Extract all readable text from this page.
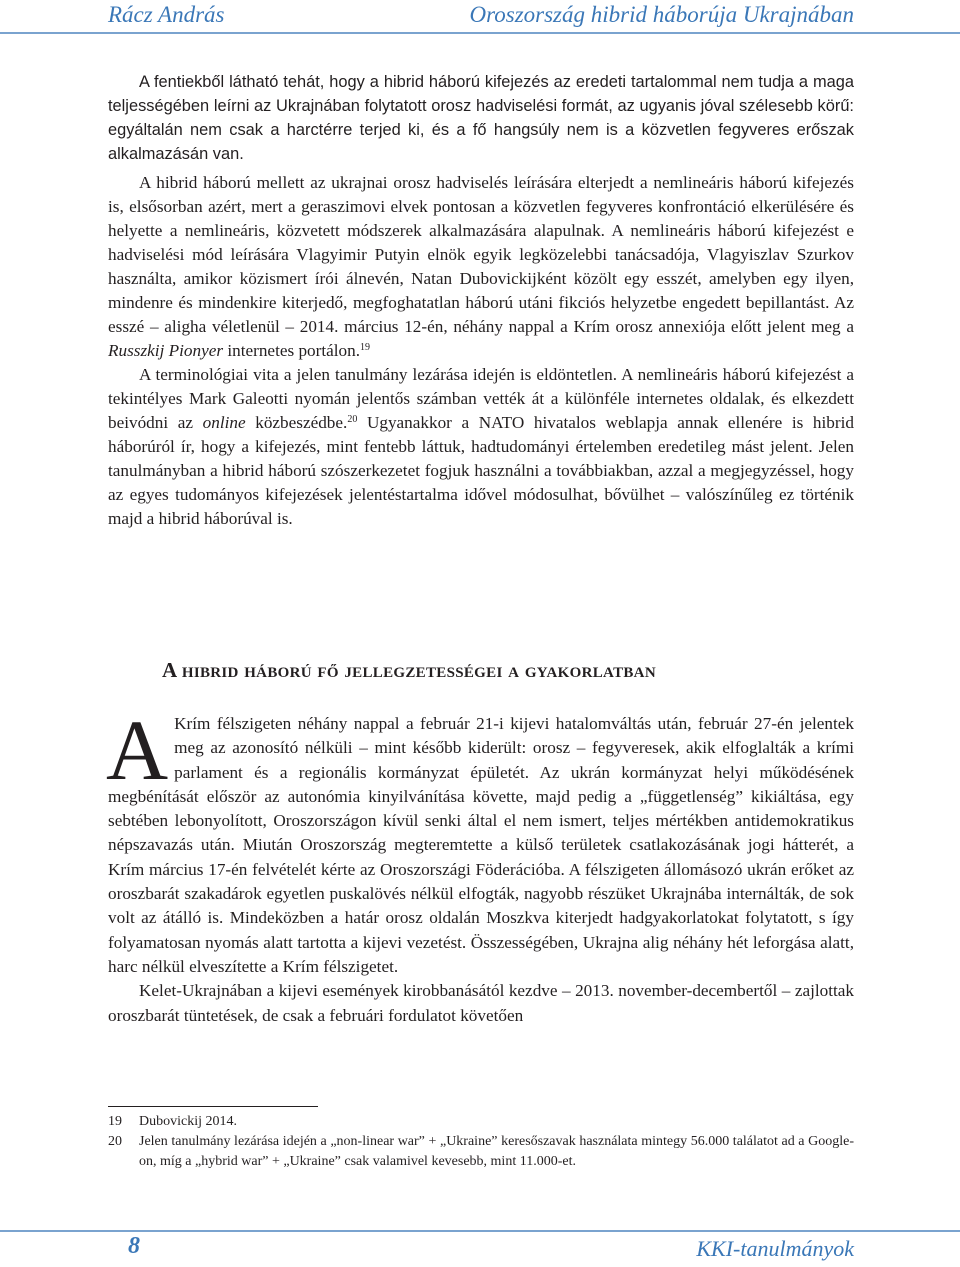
Rácz András	Oroszország hibrid háborúja Ukrajnában

A fentiekből látható tehát, hogy a hibrid háború kifejezés az eredeti tartalommal nem tudja a maga teljességében leírni az Ukrajnában folytatott orosz hadviselési formát, az ugyanis jóval szélesebb körű: egyáltalán nem csak a harctérre terjed ki, és a fő hangsúly nem is a közvetlen fegyveres erőszak alkalmazásán van.

A hibrid háború mellett az ukrajnai orosz hadviselés leírására elterjedt a nemlineáris háború kifejezés is, elsősorban azért, mert a geraszimovi elvek pontosan a közvetlen fegyveres konfrontáció elkerülésére és helyette a nemlineáris, közvetett módszerek alkalmazására alapulnak. A nemlineáris háború kifejezést e hadviselési mód leírására Vlagyimir Putyin elnök egyik legközelebbi tanácsadója, Vlagyiszlav Szurkov használta, amikor közismert írói álnevén, Natan Dubovickijként közölt egy esszét, amelyben egy ilyen, mindenre és mindenkire kiterjedő, megfoghatatlan háború utáni fikciós helyzetbe engedett bepillantást. Az esszé – aligha véletlenül – 2014. március 12-én, néhány nappal a Krím orosz annexiója előtt jelent meg a Russzkij Pionyer internetes portálon.$^{19}$

A terminológiai vita a jelen tanulmány lezárása idején is eldöntetlen. A nemlineáris háború kifejezést a tekintélyes Mark Galeotti nyomán jelentős számban vették át a különféle internetes oldalak, és elkezdett beivódni az online közbeszédbe.$^{20}$ Ugyanakkor a NATO hivatalos weblapja annak ellenére is hibrid háborúról ír, hogy a kifejezés, mint fentebb láttuk, hadtudományi értelemben eredetileg mást jelent. Jelen tanulmányban a hibrid háború szószerkezetet fogjuk használni a továbbiakban, azzal a megjegyzéssel, hogy az egyes tudományos kifejezések jelentéstartalma idővel módosulhat, bővülhet – valószínűleg ez történik majd a hibrid háborúval is.

A hibrid háború fő jellegzetességei a gyakorlatban

A Krím félszigeten néhány nappal a február 21-i kijevi hatalomváltás után, február 27-én jelentek meg az azonosító nélküli – mint később kiderült: orosz – fegyveresek, akik elfoglalták a krími parlament és a regionális kormányzat épületét. Az ukrán kormányzat helyi működésének megbénítását először az autonómia kinyilvánítása követte, majd pedig a „függetlenség” kikiáltása, egy sebtében lebonyolított, Oroszországon kívül senki által el nem ismert, teljes mértékben antidemokratikus népszavazás után. Miután Oroszország megteremtette a külső területek csatlakozásának jogi hátterét, a Krím március 17-én felvételét kérte az Oroszországi Föderációba. A félszigeten állomásozó ukrán erőket az oroszbarát szakadárok egyetlen puskalövés nélkül elfogták, nagyobb részüket Ukrajnába internálták, de sok volt az átálló is. Mindeközben a határ orosz oldalán Moszkva kiterjedt hadgyakorlatokat folytatott, s így folyamatosan nyomás alatt tartotta a kijevi vezetést. Összességében, Ukrajna alig néhány hét leforgása alatt, harc nélkül elveszítette a Krím félszigetet.

Kelet-Ukrajnában a kijevi események kirobbanásától kezdve – 2013. november-decembertől – zajlottak oroszbarát tüntetések, de csak a februári fordulatot követően

19	Dubovickij 2014.
20	Jelen tanulmány lezárása idején a „non-linear war” + „Ukraine” keresőszavak használata mintegy 56.000 találatot ad a Google-on, míg a „hybrid war” + „Ukraine” csak valamivel kevesebb, mint 11.000-et.
8	KKI-tanulmányok
